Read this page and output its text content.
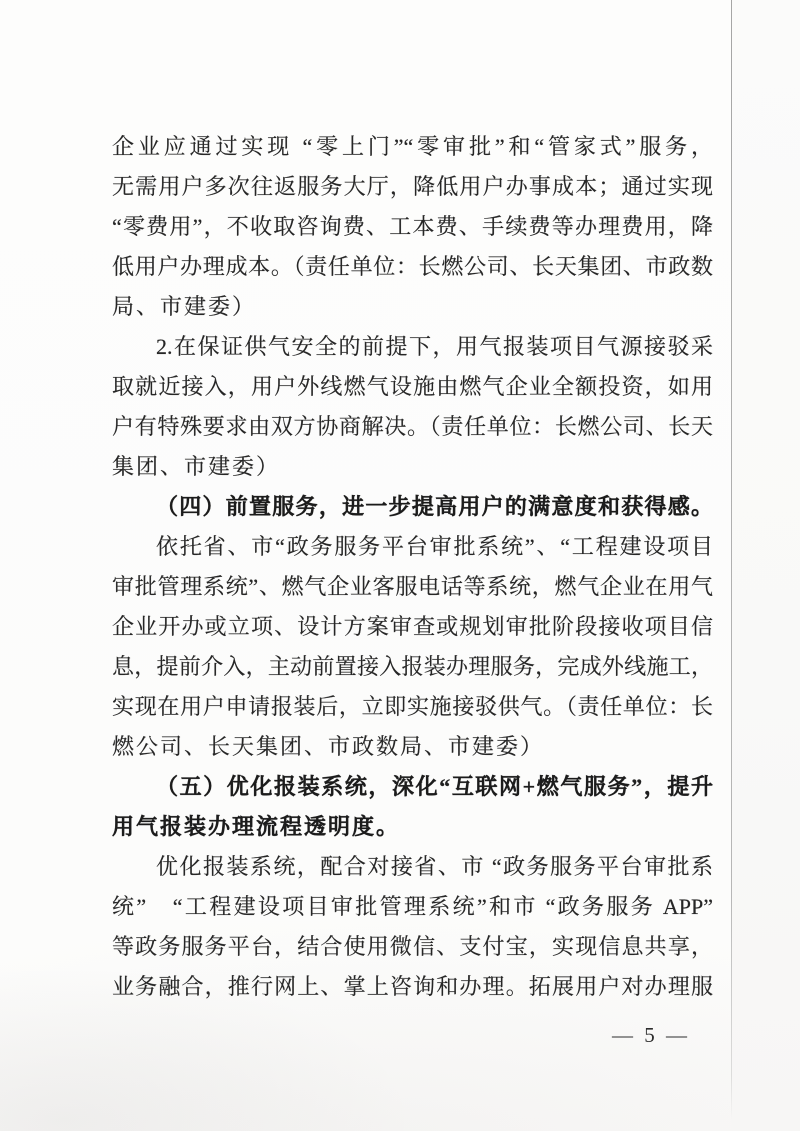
企业应通过实现 “零上门”“零审批”和“管家式”服务，
无需用户多次往返服务大厅，降低用户办事成本；通过实现
“零费用”，不收取咨询费、工本费、手续费等办理费用，降
低用户办理成本。（责任单位：长燃公司、长天集团、市政数
局、市建委）
2.在保证供气安全的前提下，用气报装项目气源接驳采
取就近接入，用户外线燃气设施由燃气企业全额投资，如用
户有特殊要求由双方协商解决。（责任单位：长燃公司、长天
集团、市建委）
（四）前置服务，进一步提高用户的满意度和获得感。
依托省、市“政务服务平台审批系统”、“工程建设项目
审批管理系统”、燃气企业客服电话等系统，燃气企业在用气
企业开办或立项、设计方案审查或规划审批阶段接收项目信
息，提前介入，主动前置接入报装办理服务，完成外线施工，
实现在用户申请报装后，立即实施接驳供气。（责任单位：长
燃公司、长天集团、市政数局、市建委）
（五）优化报装系统，深化“互联网+燃气服务”，提升
用气报装办理流程透明度。
优化报装系统，配合对接省、市 “政务服务平台审批系
统”　“工程建设项目审批管理系统”和市 “政务服务 APP”
等政务服务平台，结合使用微信、支付宝，实现信息共享，
业务融合，推行网上、掌上咨询和办理。拓展用户对办理服
— 5 —
